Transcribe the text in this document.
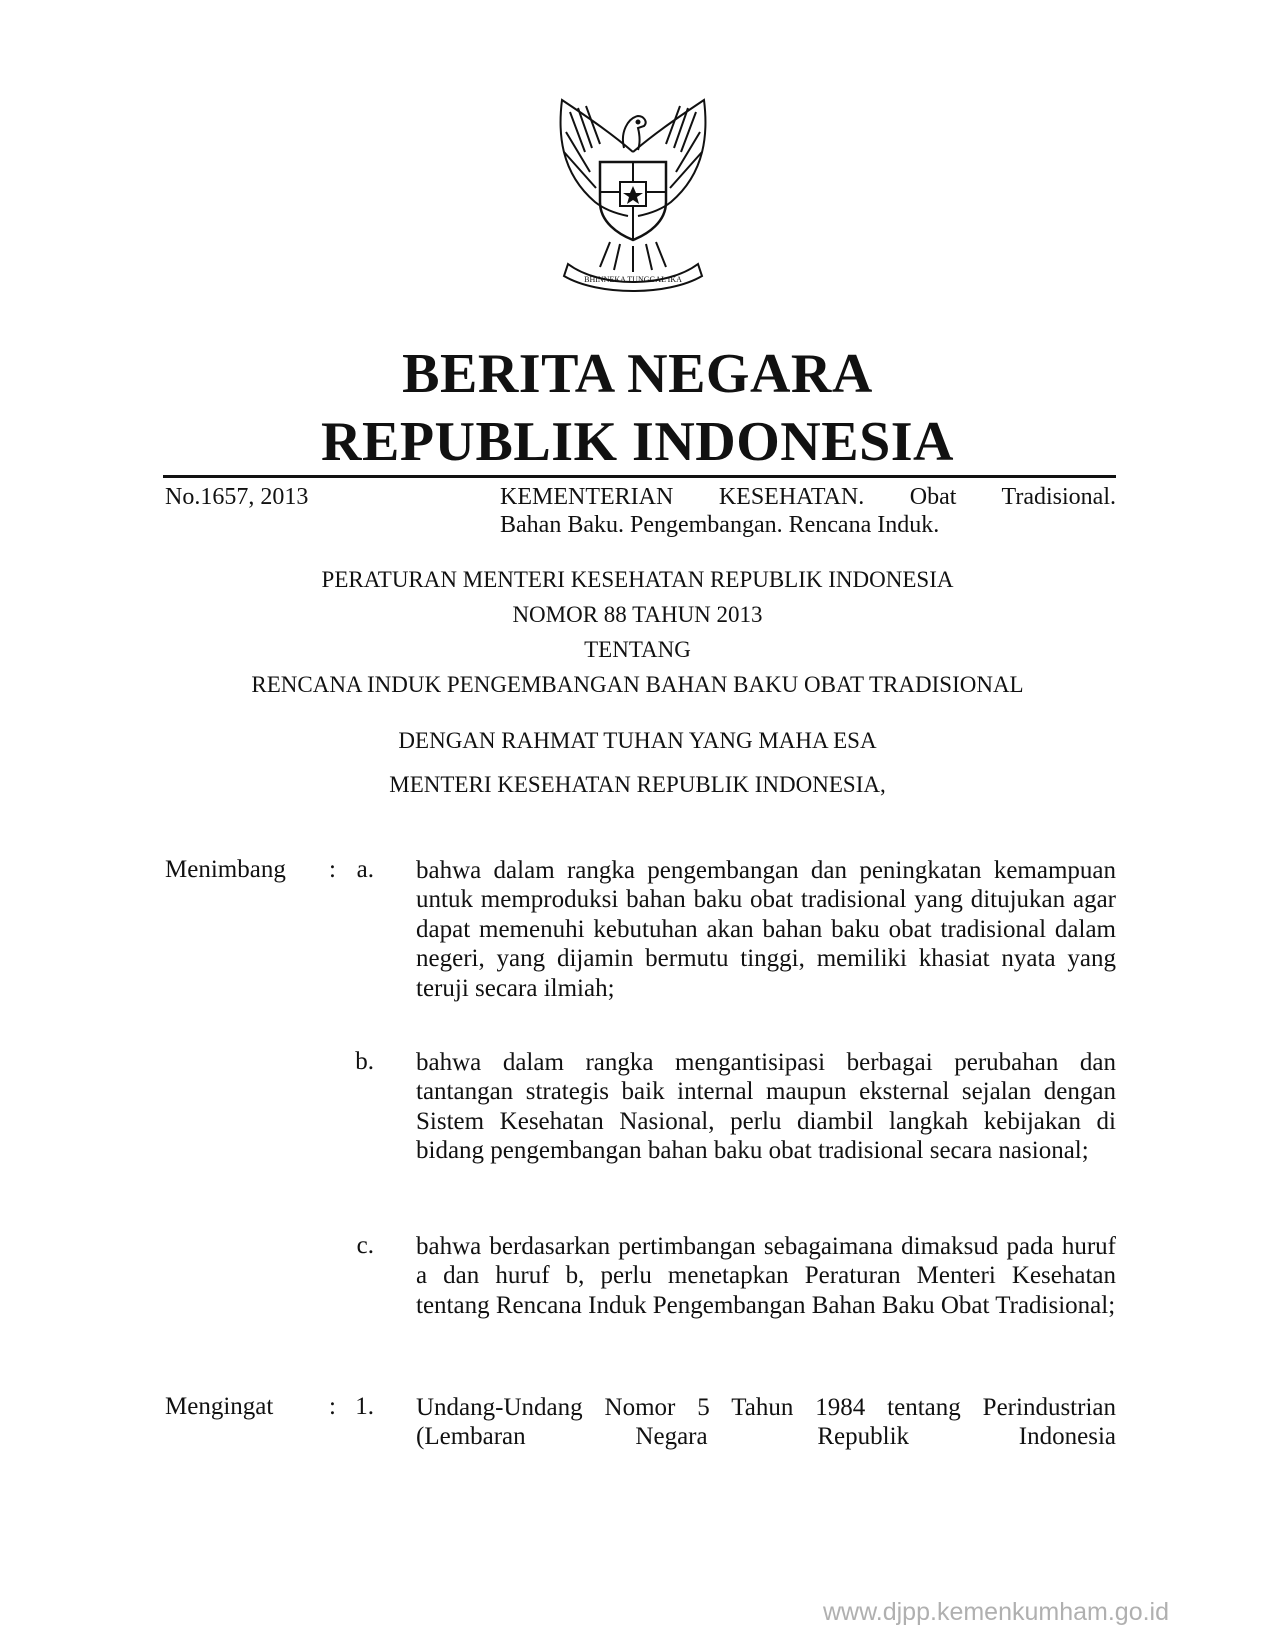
BHINNEKA TUNGGAL IKA
BERITA NEGARA
REPUBLIK INDONESIA
No.1657, 2013	KEMENTERIAN KESEHATAN. Obat Tradisional.
Bahan Baku. Pengembangan. Rencana Induk.
PERATURAN MENTERI KESEHATAN REPUBLIK INDONESIA
NOMOR 88 TAHUN 2013
TENTANG
RENCANA INDUK PENGEMBANGAN BAHAN BAKU OBAT TRADISIONAL
DENGAN RAHMAT TUHAN YANG MAHA ESA
MENTERI KESEHATAN REPUBLIK INDONESIA,
Menimbang : a. bahwa dalam rangka pengembangan dan peningkatan kemampuan untuk memproduksi bahan baku obat tradisional yang ditujukan agar dapat memenuhi kebutuhan akan bahan baku obat tradisional dalam negeri, yang dijamin bermutu tinggi, memiliki khasiat nyata yang teruji secara ilmiah;
b. bahwa dalam rangka mengantisipasi berbagai perubahan dan tantangan strategis baik internal maupun eksternal sejalan dengan Sistem Kesehatan Nasional, perlu diambil langkah kebijakan di bidang pengembangan bahan baku obat tradisional secara nasional;
c. bahwa berdasarkan pertimbangan sebagaimana dimaksud pada huruf a dan huruf b, perlu menetapkan Peraturan Menteri Kesehatan tentang Rencana Induk Pengembangan Bahan Baku Obat Tradisional;
Mengingat : 1. Undang-Undang Nomor 5 Tahun 1984 tentang Perindustrian (Lembaran Negara Republik Indonesia
www.djpp.kemenkumham.go.id
